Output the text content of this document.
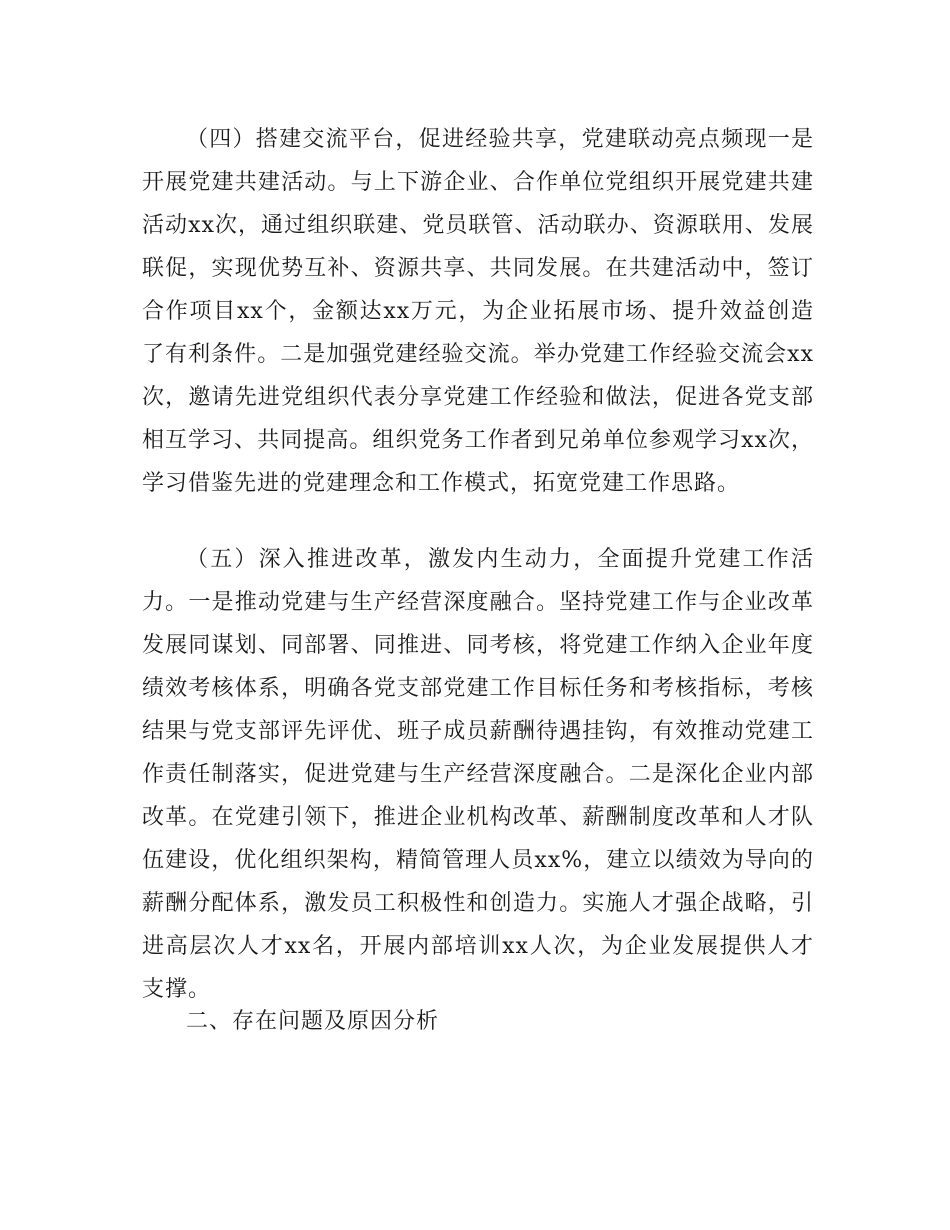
（四）搭建交流平台，促进经验共享，党建联动亮点频现一是开展党建共建活动。与上下游企业、合作单位党组织开展党建共建活动xx次，通过组织联建、党员联管、活动联办、资源联用、发展联促，实现优势互补、资源共享、共同发展。在共建活动中，签订合作项目xx个，金额达xx万元，为企业拓展市场、提升效益创造了有利条件。二是加强党建经验交流。举办党建工作经验交流会xx次，邀请先进党组织代表分享党建工作经验和做法，促进各党支部相互学习、共同提高。组织党务工作者到兄弟单位参观学习xx次，学习借鉴先进的党建理念和工作模式，拓宽党建工作思路。

（五）深入推进改革，激发内生动力，全面提升党建工作活力。一是推动党建与生产经营深度融合。坚持党建工作与企业改革发展同谋划、同部署、同推进、同考核，将党建工作纳入企业年度绩效考核体系，明确各党支部党建工作目标任务和考核指标，考核结果与党支部评先评优、班子成员薪酬待遇挂钩，有效推动党建工作责任制落实，促进党建与生产经营深度融合。二是深化企业内部改革。在党建引领下，推进企业机构改革、薪酬制度改革和人才队伍建设，优化组织架构，精简管理人员xx%，建立以绩效为导向的薪酬分配体系，激发员工积极性和创造力。实施人才强企战略，引进高层次人才xx名，开展内部培训xx人次，为企业发展提供人才支撑。

二、存在问题及原因分析
